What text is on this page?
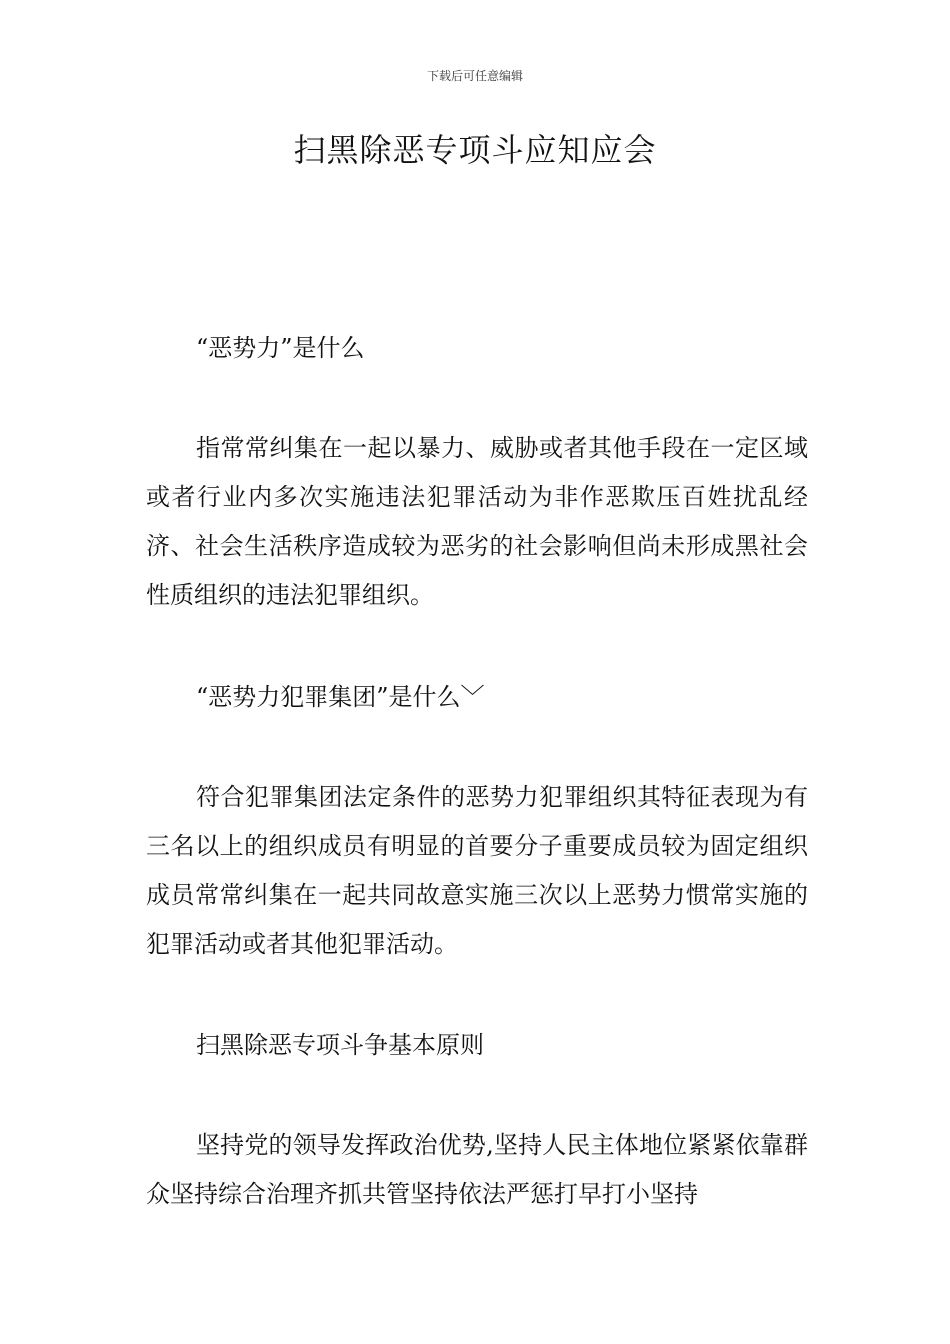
下载后可任意编辑
扫黑除恶专项斗应知应会

“恶势力”是什么

指常常纠集在一起以暴力、威胁或者其他手段在一定区域或者行业内多次实施违法犯罪活动为非作恶欺压百姓扰乱经济、社会生活秩序造成较为恶劣的社会影响但尚未形成黑社会性质组织的违法犯罪组织。

“恶势力犯罪集团”是什么﹀

符合犯罪集团法定条件的恶势力犯罪组织其特征表现为有三名以上的组织成员有明显的首要分子重要成员较为固定组织成员常常纠集在一起共同故意实施三次以上恶势力惯常实施的犯罪活动或者其他犯罪活动。

扫黑除恶专项斗争基本原则

坚持党的领导发挥政治优势,坚持人民主体地位紧紧依靠群众坚持综合治理齐抓共管坚持依法严惩打早打小坚持
